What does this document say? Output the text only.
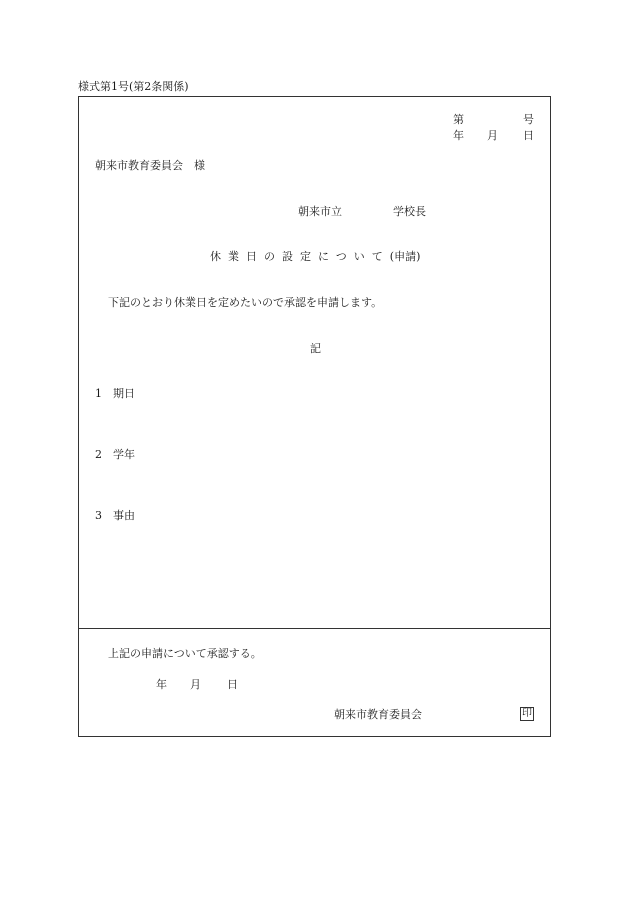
様式第1号(第2条関係)
第	号
年 月 日
朝来市教育委員会　様
朝来市立	学校長
休業日の設定について(申請)
下記のとおり休業日を定めたいので承認を申請します。
記
1 期日
2 学年
3 事由
上記の申請について承認する。
年 月 日
朝来市教育委員会	印
